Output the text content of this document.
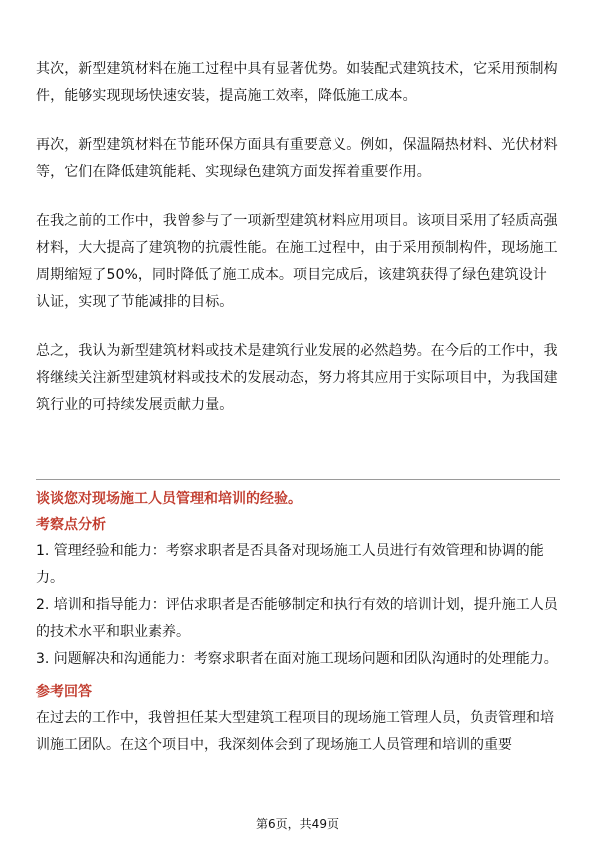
其次，新型建筑材料在施工过程中具有显著优势。如装配式建筑技术，它采用预制构件，能够实现现场快速安装，提高施工效率，降低施工成本。

再次，新型建筑材料在节能环保方面具有重要意义。例如，保温隔热材料、光伏材料等，它们在降低建筑能耗、实现绿色建筑方面发挥着重要作用。

在我之前的工作中，我曾参与了一项新型建筑材料应用项目。该项目采用了轻质高强材料，大大提高了建筑物的抗震性能。在施工过程中，由于采用预制构件，现场施工周期缩短了50%，同时降低了施工成本。项目完成后，该建筑获得了绿色建筑设计认证，实现了节能减排的目标。

总之，我认为新型建筑材料或技术是建筑行业发展的必然趋势。在今后的工作中，我将继续关注新型建筑材料或技术的发展动态，努力将其应用于实际项目中，为我国建筑行业的可持续发展贡献力量。

谈谈您对现场施工人员管理和培训的经验。

考察点分析

1. 管理经验和能力：考察求职者是否具备对现场施工人员进行有效管理和协调的能力。

2. 培训和指导能力：评估求职者是否能够制定和执行有效的培训计划，提升施工人员的技术水平和职业素养。

3. 问题解决和沟通能力：考察求职者在面对施工现场问题和团队沟通时的处理能力。

参考回答

在过去的工作中，我曾担任某大型建筑工程项目的现场施工管理人员，负责管理和培训施工团队。在这个项目中，我深刻体会到了现场施工人员管理和培训的重要

第6页，共49页
